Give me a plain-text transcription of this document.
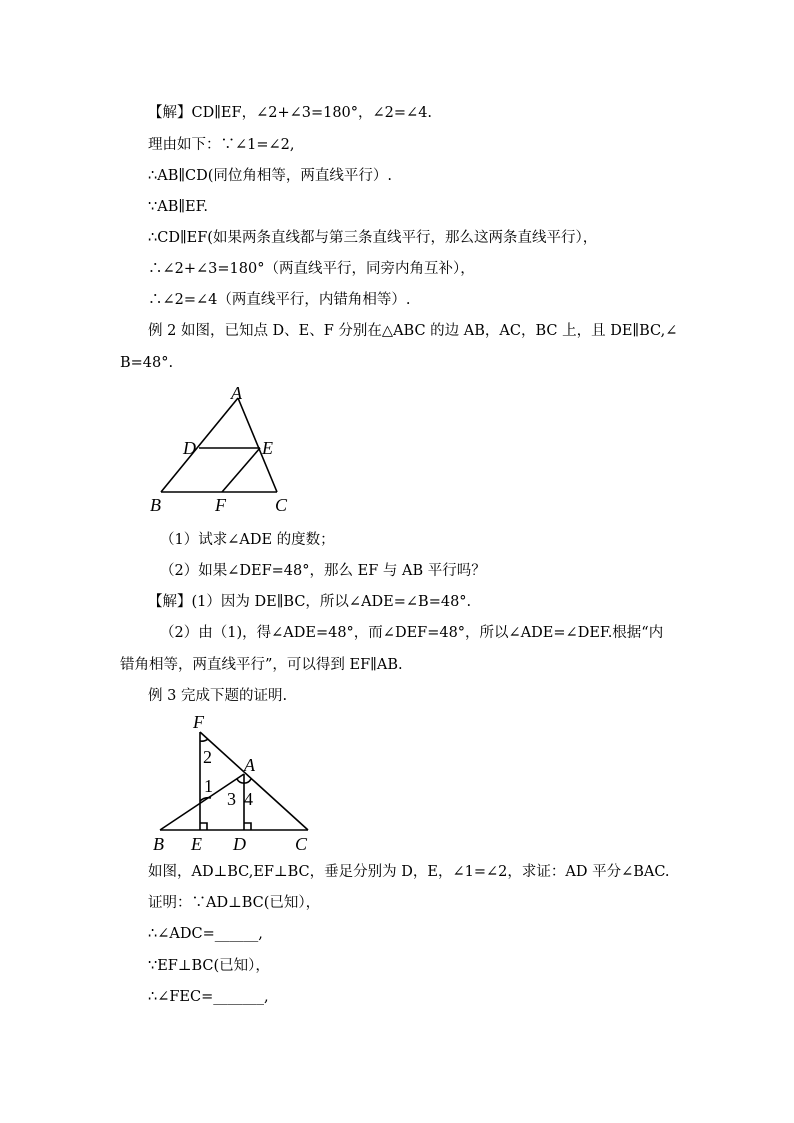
【解】CD∥EF，∠2+∠3=180°，∠2=∠4.
理由如下：∵∠1=∠2,
∴AB∥CD(同位角相等，两直线平行）.
∵AB∥EF.
∴CD∥EF(如果两条直线都与第三条直线平行，那么这两条直线平行），
∴∠2+∠3=180°（两直线平行，同旁内角互补），
∴∠2=∠4（两直线平行，内错角相等）.
例 2 如图，已知点 D、E、F 分别在△ABC 的边 AB，AC，BC 上，且 DE∥BC,∠
B=48°.
A
D	E
B	F	C
（1）试求∠ADE 的度数；
（2）如果∠DEF=48°，那么 EF 与 AB 平行吗？
【解】(1）因为 DE∥BC，所以∠ADE=∠B=48°.
（2）由（1)，得∠ADE=48°，而∠DEF=48°，所以∠ADE=∠DEF.根据“内
错角相等，两直线平行”，可以得到 EF∥AB.
例 3 完成下题的证明.
F
A
2
1
3 4
B E D	C
如图，AD⊥BC,EF⊥BC，垂足分别为 D，E，∠1=∠2，求证：AD 平分∠BAC.
证明：∵AD⊥BC(已知），
∴∠ADC=______,
∵EF⊥BC(已知），
∴∠FEC=_______,
